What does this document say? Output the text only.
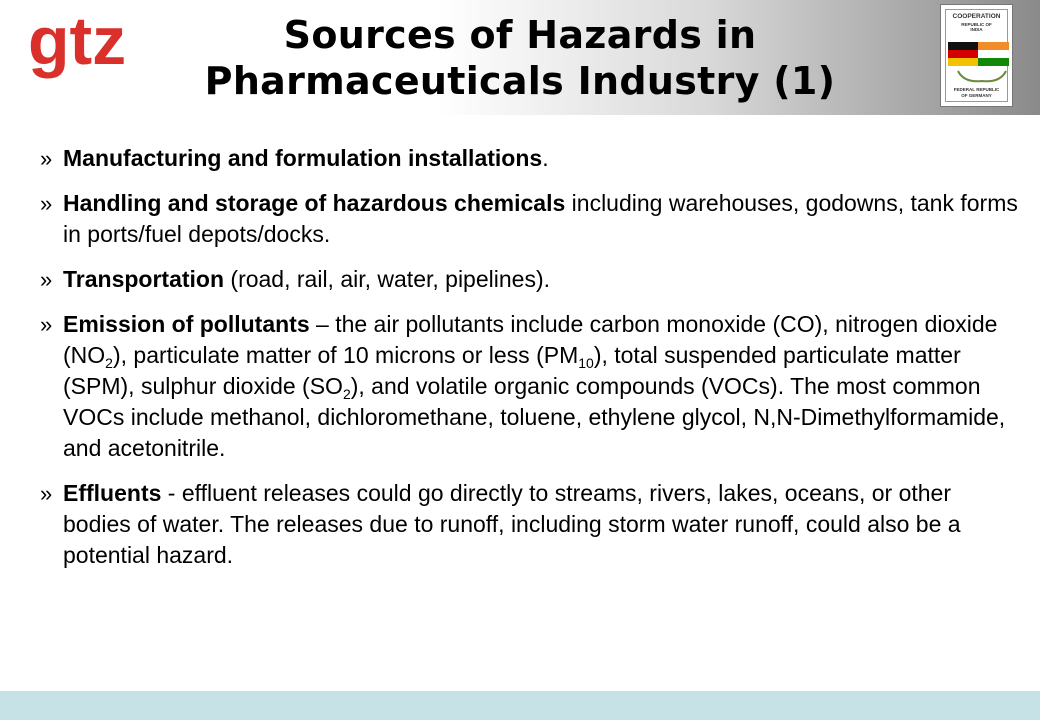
gtz	Sources of Hazards in
Pharmaceuticals Industry (1)
COOPERATION
REPUBLIC OF
INDIA
FEDERAL REPUBLIC
OF GERMANY
» Manufacturing and formulation installations.
» Handling and storage of hazardous chemicals including warehouses, godowns, tank forms in ports/fuel depots/docks.
» Transportation (road, rail, air, water, pipelines).
» Emission of pollutants – the air pollutants include carbon monoxide (CO), nitrogen dioxide $(NO_2)$, particulate matter of 10 microns or less $(PM_{10})$, total suspended particulate matter (SPM), sulphur dioxide $(SO_2)$, and volatile organic compounds (VOCs). The most common VOCs include methanol, dichloromethane, toluene, ethylene glycol, N,N-Dimethylformamide, and acetonitrile.
» Effluents - effluent releases could go directly to streams, rivers, lakes, oceans, or other bodies of water. The releases due to runoff, including storm water runoff, could also be a potential hazard.
